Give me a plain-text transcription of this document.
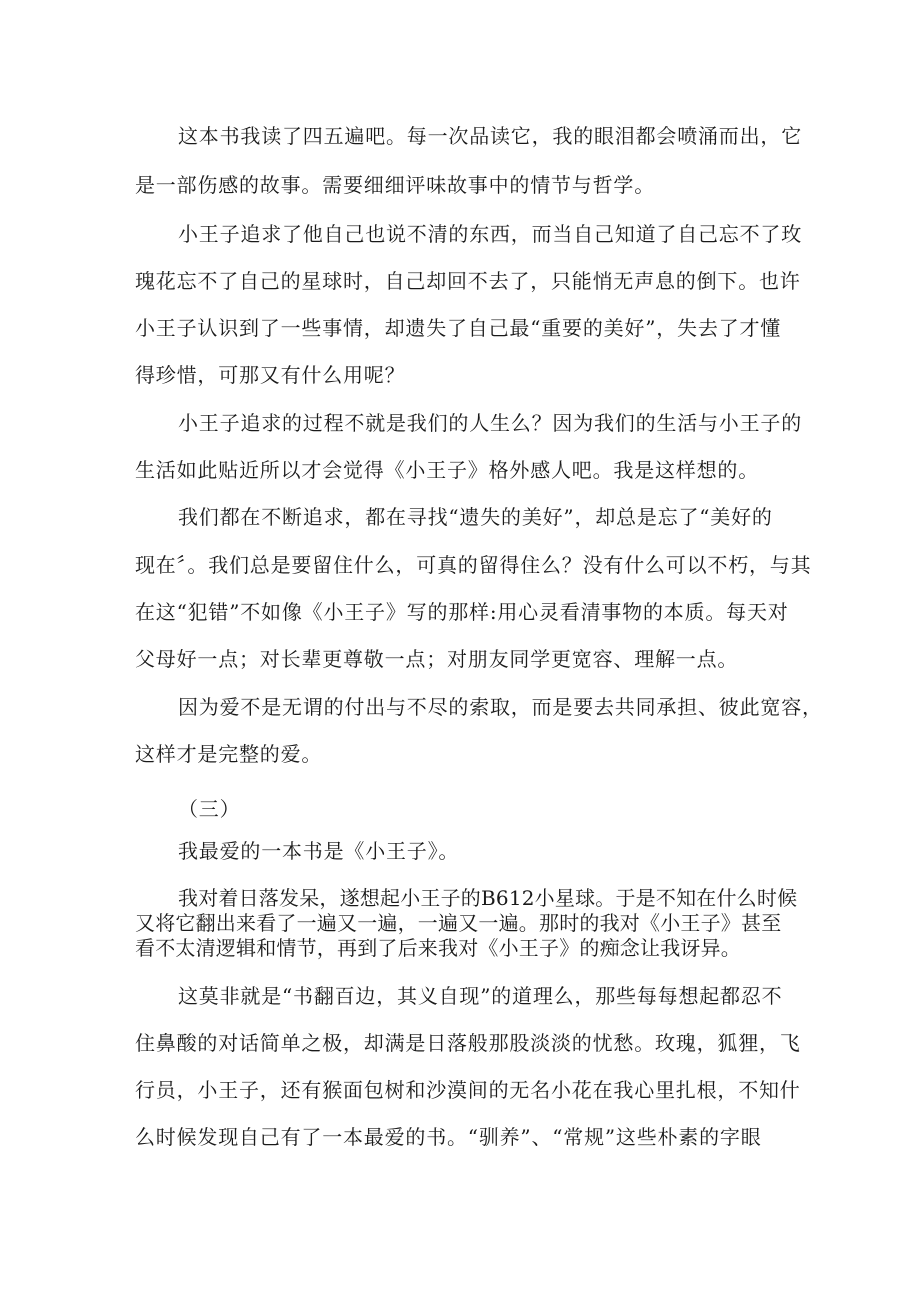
这本书我读了四五遍吧。每一次品读它，我的眼泪都会喷涌而出，它

是一部伤感的故事。需要细细评味故事中的情节与哲学。

小王子追求了他自己也说不清的东西，而当自己知道了自己忘不了玫

瑰花忘不了自己的星球时，自己却回不去了，只能悄无声息的倒下。也许

小王子认识到了一些事情，却遗失了自己最“重要的美好”，失去了才懂

得珍惜，可那又有什么用呢？

小王子追求的过程不就是我们的人生么？因为我们的生活与小王子的

生活如此贴近所以才会觉得《小王子》格外感人吧。我是这样想的。

我们都在不断追求，都在寻找“遗失的美好”，却总是忘了“美好的

现在〞。我们总是要留住什么，可真的留得住么？没有什么可以不朽，与其

在这“犯错”不如像《小王子》写的那样:用心灵看清事物的本质。每天对

父母好一点；对长辈更尊敬一点；对朋友同学更宽容、理解一点。

因为爱不是无谓的付出与不尽的索取，而是要去共同承担、彼此宽容，

这样才是完整的爱。

（三）

我最爱的一本书是《小王子》。

我对着日落发呆，遂想起小王子的B612小星球。于是不知在什么时候

又将它翻出来看了一遍又一遍，一遍又一遍。那时的我对《小王子》甚至

看不太清逻辑和情节，再到了后来我对《小王子》的痴念让我讶异。

这莫非就是“书翻百边，其义自现”的道理么，那些每每想起都忍不

住鼻酸的对话简单之极，却满是日落般那股淡淡的忧愁。玫瑰，狐狸，飞

行员，小王子，还有猴面包树和沙漠间的无名小花在我心里扎根，不知什

么时候发现自己有了一本最爱的书。“驯养”、“常规”这些朴素的字眼
